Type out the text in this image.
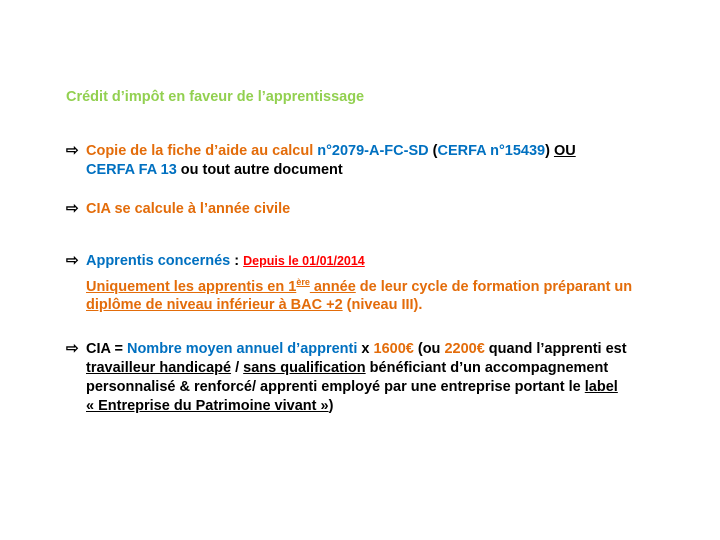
Crédit d’impôt en faveur de l’apprentissage
⇨ Copie de la fiche d’aide au calcul n°2079-A-FC-SD (CERFA n°15439) OU
CERFA FA 13 ou tout autre document
⇨ CIA se calcule à l’année civile
⇨ Apprentis concernés : Depuis le 01/01/2014
Uniquement les apprentis en 1ère année de leur cycle de formation préparant un
diplôme de niveau inférieur à BAC +2 (niveau III).
⇨ CIA = Nombre moyen annuel d’apprenti x 1600€ (ou 2200€ quand l’apprenti est
travailleur handicapé / sans qualification bénéficiant d’un accompagnement
personnalisé & renforcé/ apprenti employé par une entreprise portant le label
« Entreprise du Patrimoine vivant »)
